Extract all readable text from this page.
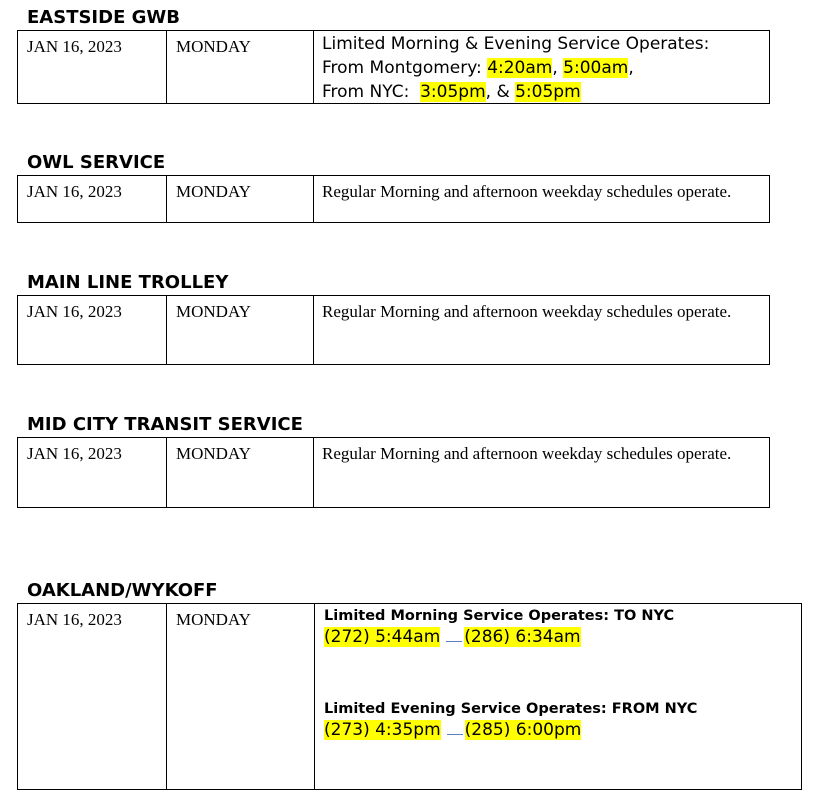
EASTSIDE GWB
JAN 16, 2023	MONDAY	Limited Morning & Evening Service Operates:
From Montgomery: 4:20am, 5:00am,
From NYC:  3:05pm, & 5:05pm
OWL SERVICE
JAN 16, 2023	MONDAY	Regular Morning and afternoon weekday schedules operate.
MAIN LINE TROLLEY
JAN 16, 2023	MONDAY	Regular Morning and afternoon weekday schedules operate.
MID CITY TRANSIT SERVICE
JAN 16, 2023	MONDAY	Regular Morning and afternoon weekday schedules operate.
OAKLAND/WYKOFF
JAN 16, 2023	MONDAY	Limited Morning Service Operates: TO NYC
(272) 5:44am (286) 6:34am
Limited Evening Service Operates: FROM NYC
(273) 4:35pm (285) 6:00pm
